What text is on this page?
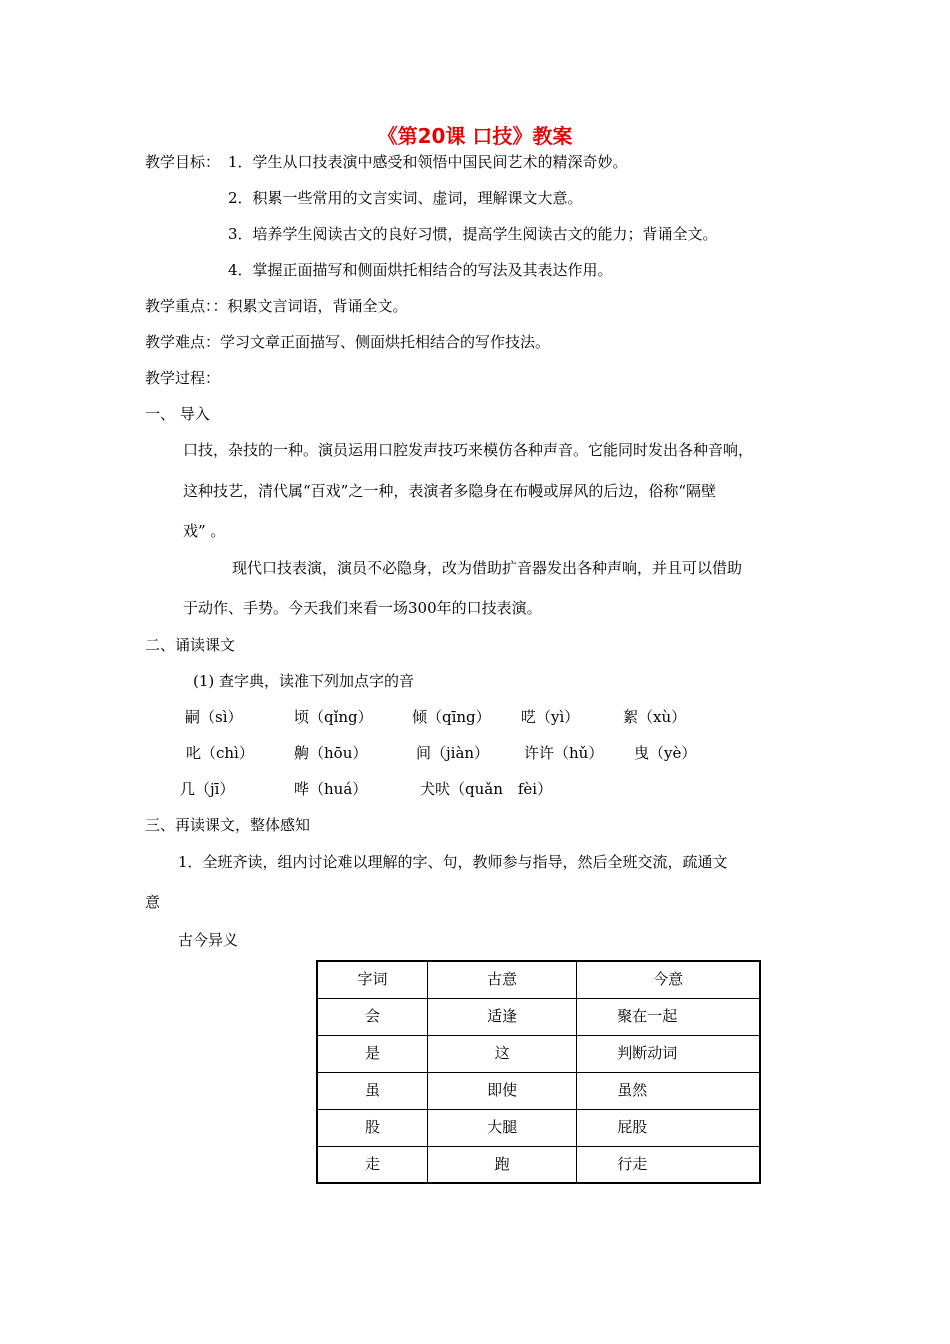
《第20课 口技》教案
教学目标： 1．学生从口技表演中感受和领悟中国民间艺术的精深奇妙。
2．积累一些常用的文言实词、虚词，理解课文大意。
3．培养学生阅读古文的良好习惯，提高学生阅读古文的能力；背诵全文。
4．掌握正面描写和侧面烘托相结合的写法及其表达作用。
教学重点：：积累文言词语，背诵全文。
教学难点：学习文章正面描写、侧面烘托相结合的写作技法。
教学过程：
一、 导入
口技，杂技的一种。演员运用口腔发声技巧来模仿各种声音。它能同时发出各种音响，
这种技艺，清代属“百戏”之一种，表演者多隐身在布幔或屏风的后边，俗称“隔壁
戏” 。
现代口技表演，演员不必隐身，改为借助扩音器发出各种声响，并且可以借助
于动作、手势。今天我们来看一场300年的口技表演。
二、诵读课文
(1) 查字典，读准下列加点字的音
嗣（sì）	顷（qǐng）	倾（qīng） 呓（yì）	絮（xù）
叱（chì）	齁（hōu）	间（jiàn） 许许（hǔ） 曳（yè）
几（jī）	哗（huá）	犬吠（quǎn　fèi）
三、再读课文，整体感知
1．全班齐读，组内讨论难以理解的字、句，教师参与指导，然后全班交流，疏通文
意
古今异义
字词	古意	今意
会	适逢	聚在一起
是	这	判断动词
虽	即使	虽然
股	大腿	屁股
走	跑	行走
